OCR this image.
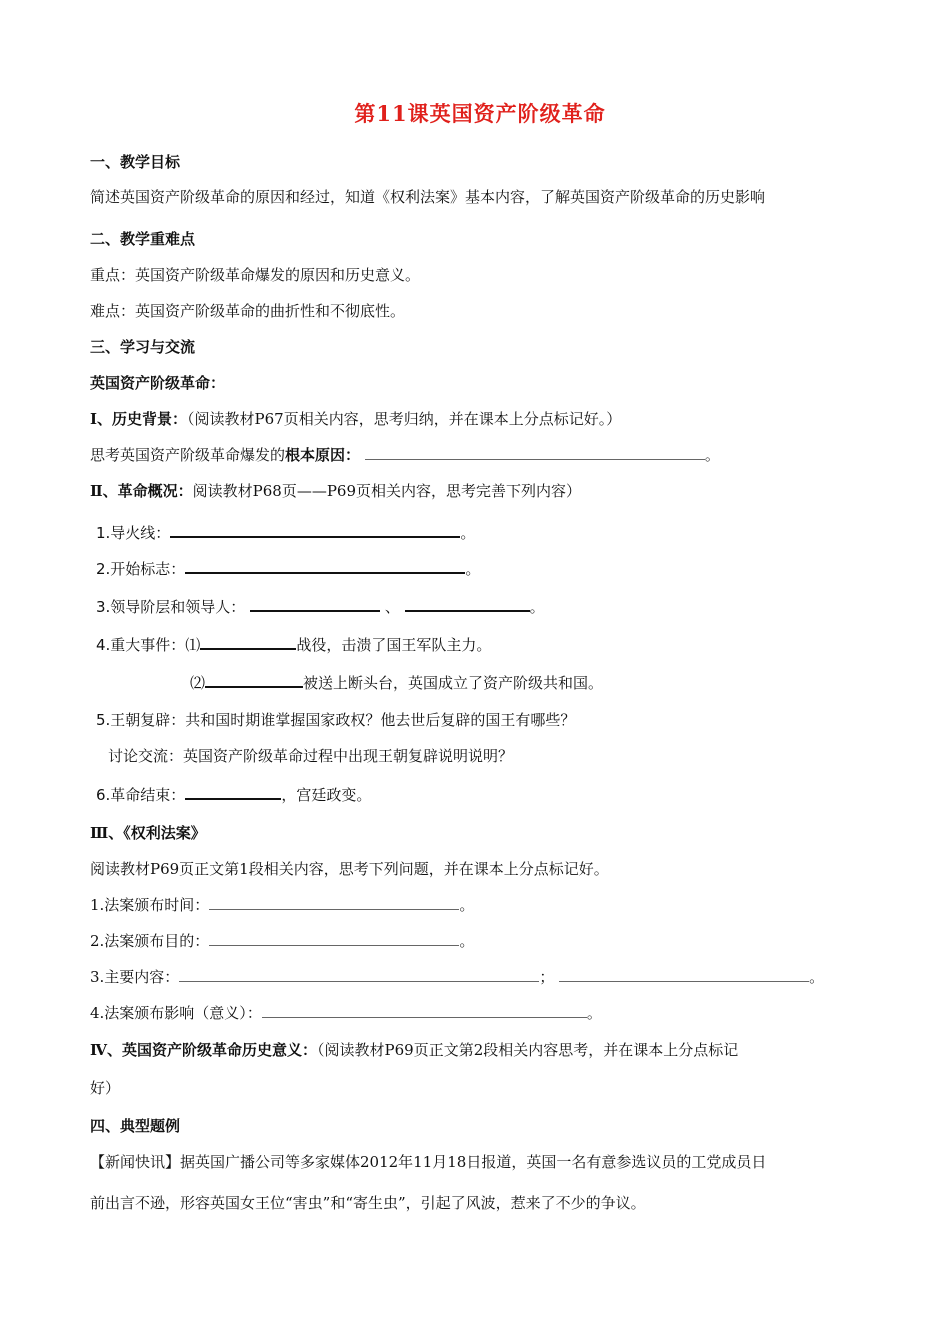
第11课英国资产阶级革命
一、教学目标
简述英国资产阶级革命的原因和经过，知道《权利法案》基本内容，了解英国资产阶级革命的历史影响
二、教学重难点
重点：英国资产阶级革命爆发的原因和历史意义。
难点：英国资产阶级革命的曲折性和不彻底性。
三、学习与交流
英国资产阶级革命：
Ⅰ、历史背景：（阅读教材P67页相关内容，思考归纳，并在课本上分点标记好。）
思考英国资产阶级革命爆发的根本原因：	。
Ⅱ、革命概况：阅读教材P68页——P69页相关内容，思考完善下列内容）
1.导火线：	。
2.开始标志：	。
3.领导阶层和领导人：	、	。
4.重大事件：⑴	战役，击溃了国王军队主力。
⑵	被送上断头台，英国成立了资产阶级共和国。
5.王朝复辟：共和国时期谁掌握国家政权？他去世后复辟的国王有哪些？
讨论交流：英国资产阶级革命过程中出现王朝复辟说明说明？
6.革命结束：	，宫廷政变。
Ⅲ、《权利法案》
阅读教材P69页正文第1段相关内容，思考下列问题，并在课本上分点标记好。
1.法案颁布时间：	。
2.法案颁布目的：	。
3.主要内容：	；	。
4.法案颁布影响（意义）：	。
Ⅳ、英国资产阶级革命历史意义：（阅读教材P69页正文第2段相关内容思考，并在课本上分点标记
好）
四、典型题例
【新闻快讯】据英国广播公司等多家媒体2012年11月18日报道，英国一名有意参选议员的工党成员日
前出言不逊，形容英国女王位“害虫”和“寄生虫”，引起了风波，惹来了不少的争议。
